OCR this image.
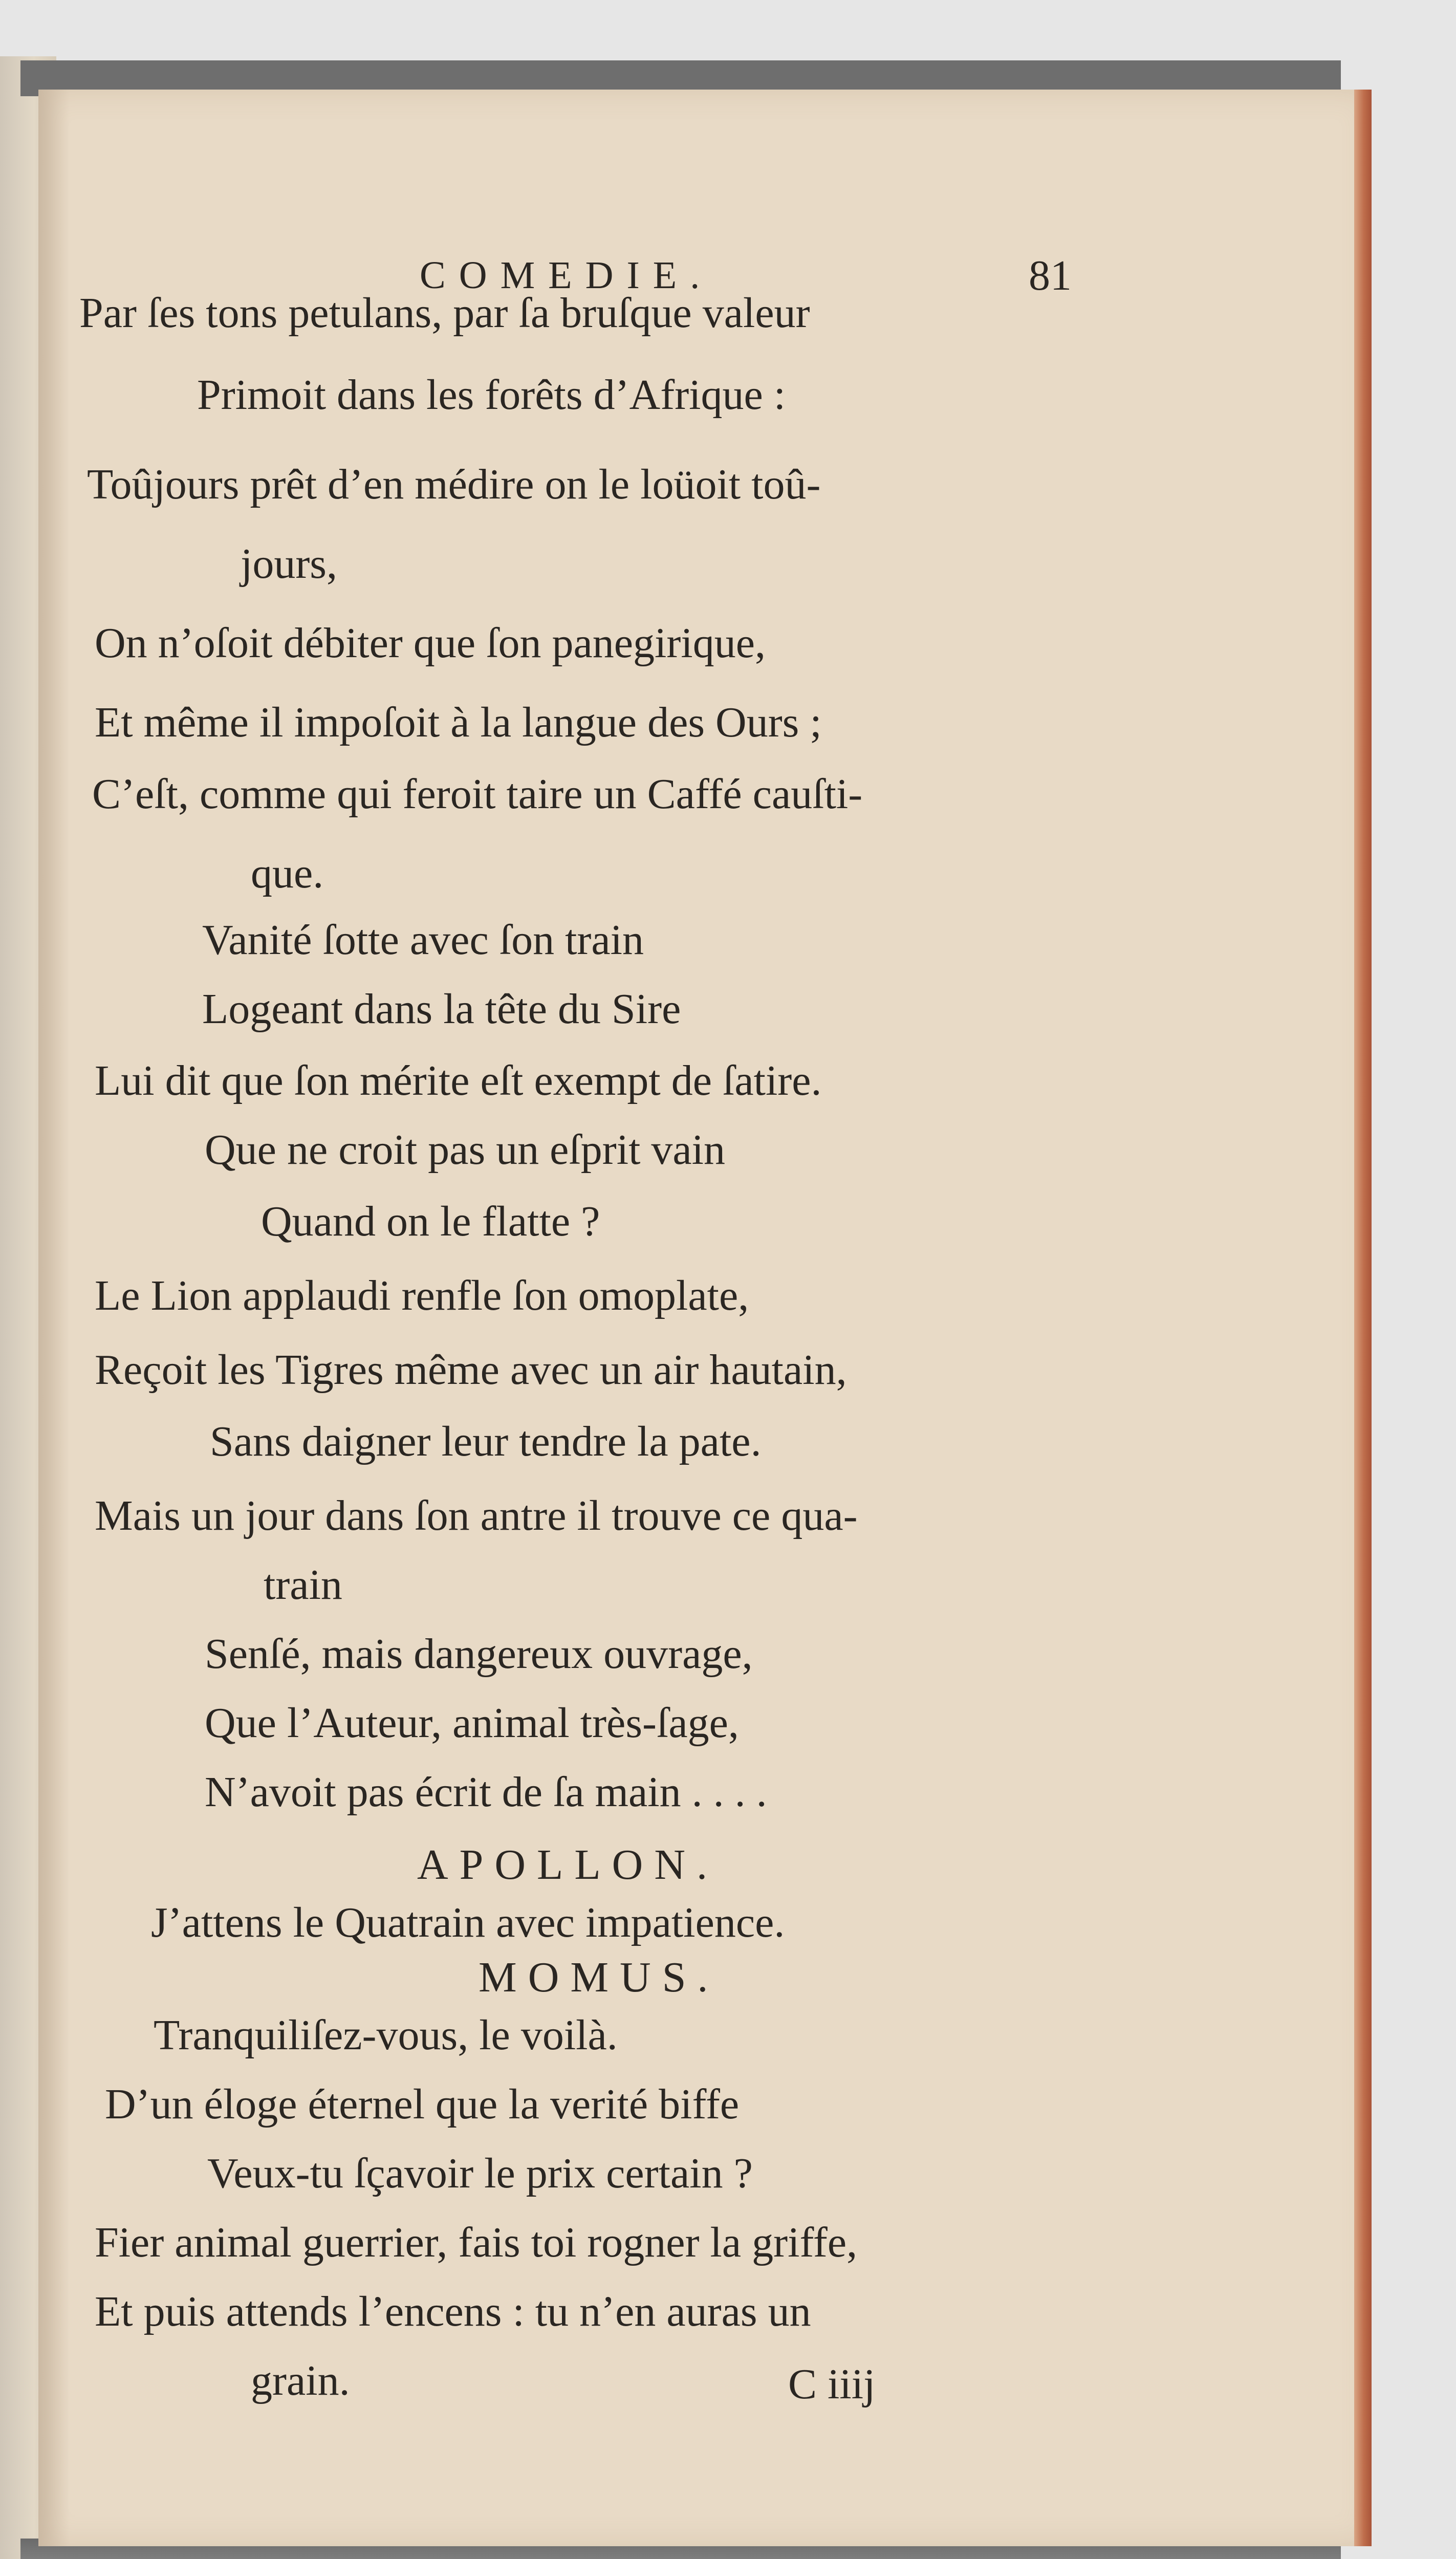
COMEDIE.	81
Par ſes tons petulans, par ſa bruſque valeur
Primoit dans les forêts d’Afrique :
Toûjours prêt d’en médire on le loüoit toû-
jours,
On n’oſoit débiter que ſon panegirique,
Et même il impoſoit à la langue des Ours ;
C’eſt, comme qui feroit taire un Caffé cauſti-
que.
Vanité ſotte avec ſon train
Logeant dans la tête du Sire
Lui dit que ſon mérite eſt exempt de ſatire.
Que ne croit pas un eſprit vain
Quand on le flatte ?
Le Lion applaudi renfle ſon omoplate,
Reçoit les Tigres même avec un air hautain,
Sans daigner leur tendre la pate.
Mais un jour dans ſon antre il trouve ce qua-
train
Senſé, mais dangereux ouvrage,
Que l’Auteur, animal très-ſage,
N’avoit pas écrit de ſa main . . . .
APOLLON.
J’attens le Quatrain avec impatience.
MOMUS.
Tranquiliſez-vous, le voilà.
D’un éloge éternel que la verité biffe
Veux-tu ſçavoir le prix certain ?
Fier animal guerrier, fais toi rogner la griffe,
Et puis attends l’encens : tu n’en auras un
grain.	C iiij
